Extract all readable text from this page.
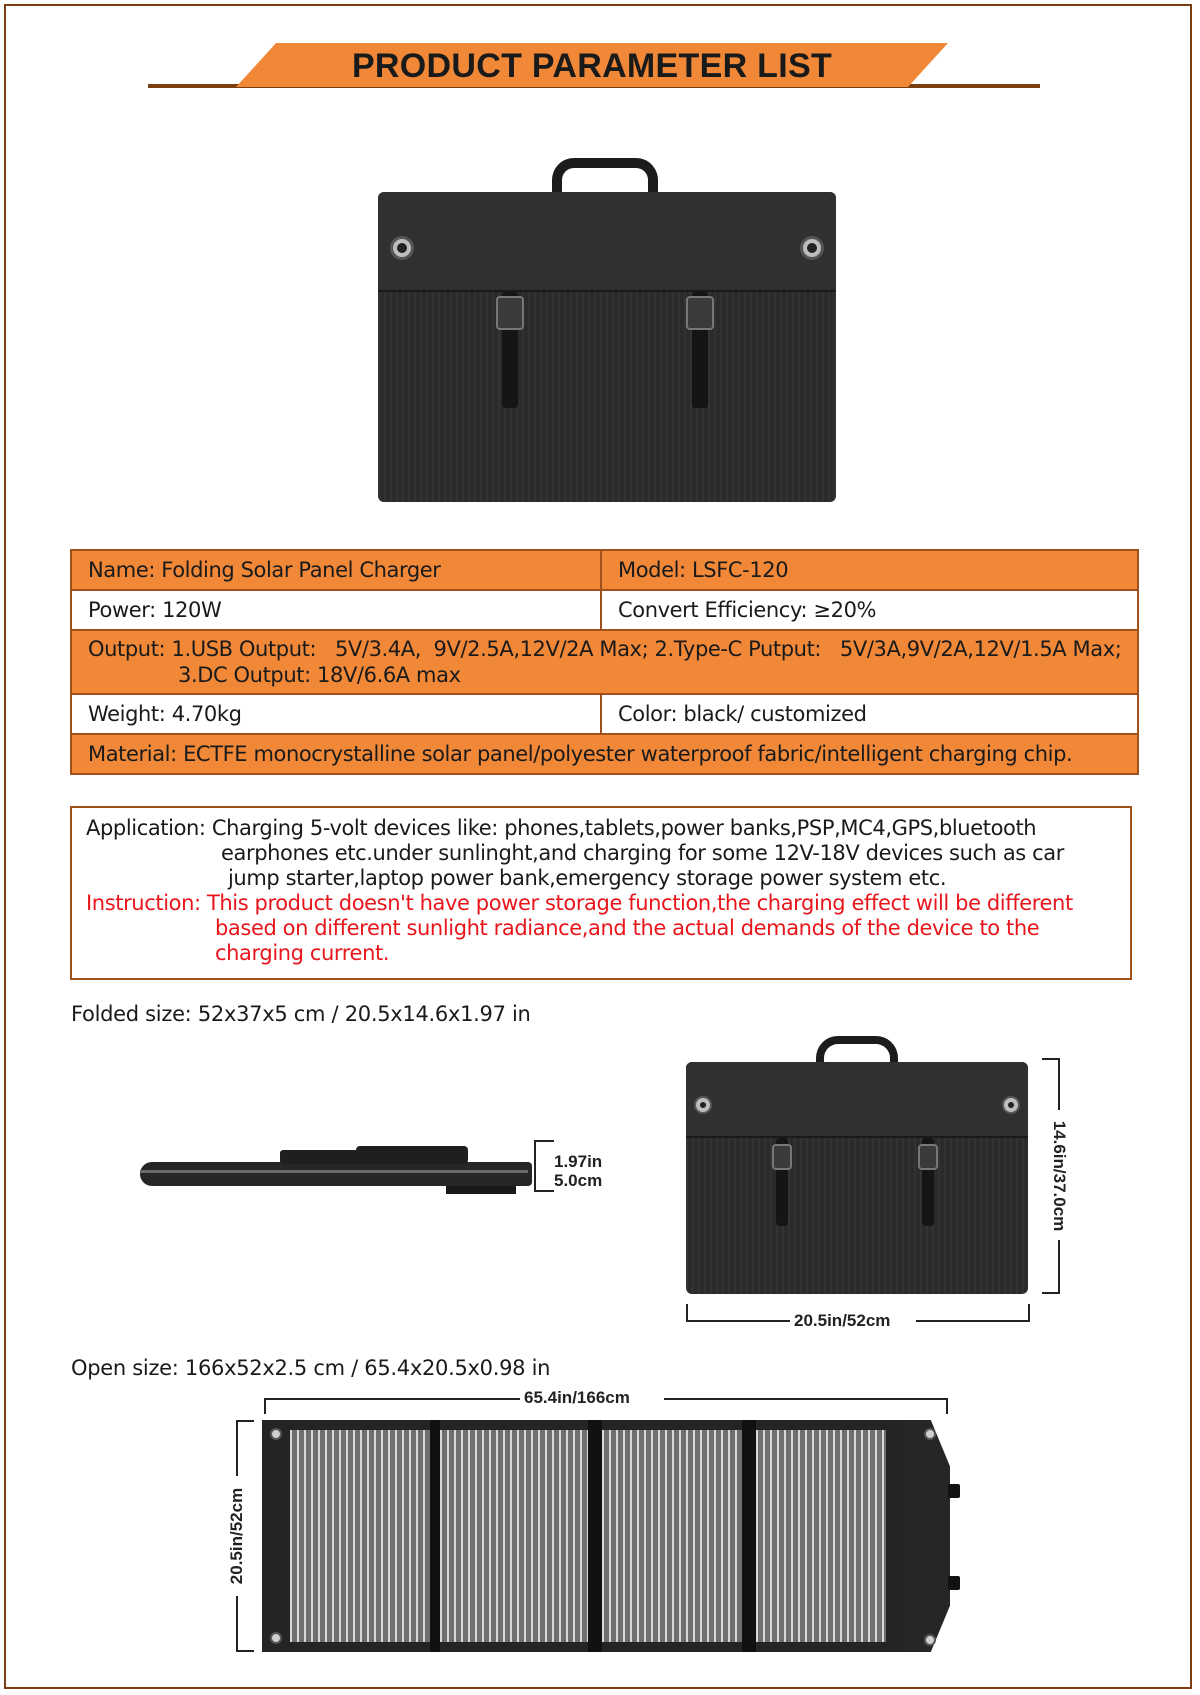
PRODUCT PARAMETER LIST
Name: Folding Solar Panel Charger	Model: LSFC-120
Power: 120W	Convert Efficiency: ≥20%

Output: 1.USB Output:   5V/3.4A,  9V/2.5A,12V/2A Max; 2.Type-C Putput:   5V/3A,9V/2A,12V/1.5A Max;
3.DC Output: 18V/6.6A max	

Weight: 4.70kg	Color: black/ customized
Material: ECTFE monocrystalline solar panel/polyester waterproof fabric/intelligent charging chip.	
Application: Charging 5-volt devices like: phones,tablets,power banks,PSP,MC4,GPS,bluetooth
earphones etc.under sunlinght,and charging for some 12V-18V devices such as car
jump starter,laptop power bank,emergency storage power system etc.
Instruction: This product doesn't have power storage function,the charging effect will be different
based on different sunlight radiance,and the actual demands of the device to the
charging current.
Folded size: 52x37x5 cm / 20.5x14.6x1.97 in
1.97in
5.0cm	14.6in/37.0cm
20.5in/52cm
Open size: 166x52x2.5 cm / 65.4x20.5x0.98 in
65.4in/166cm
20.5in/52cm
